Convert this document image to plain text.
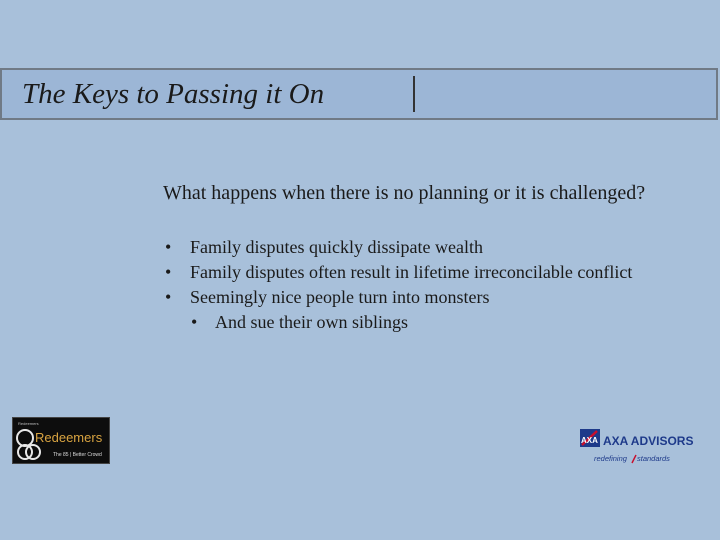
The Keys to Passing it On

What happens when there is no planning or it is challenged?

• Family disputes quickly dissipate wealth
• Family disputes often result in lifetime irreconcilable conflict
• Seemingly nice people turn into monsters
• And sue their own siblings
Redeemers
Redeemers
The 85 | Better Crowd
AXA AXA ADVISORS
redefining standards
